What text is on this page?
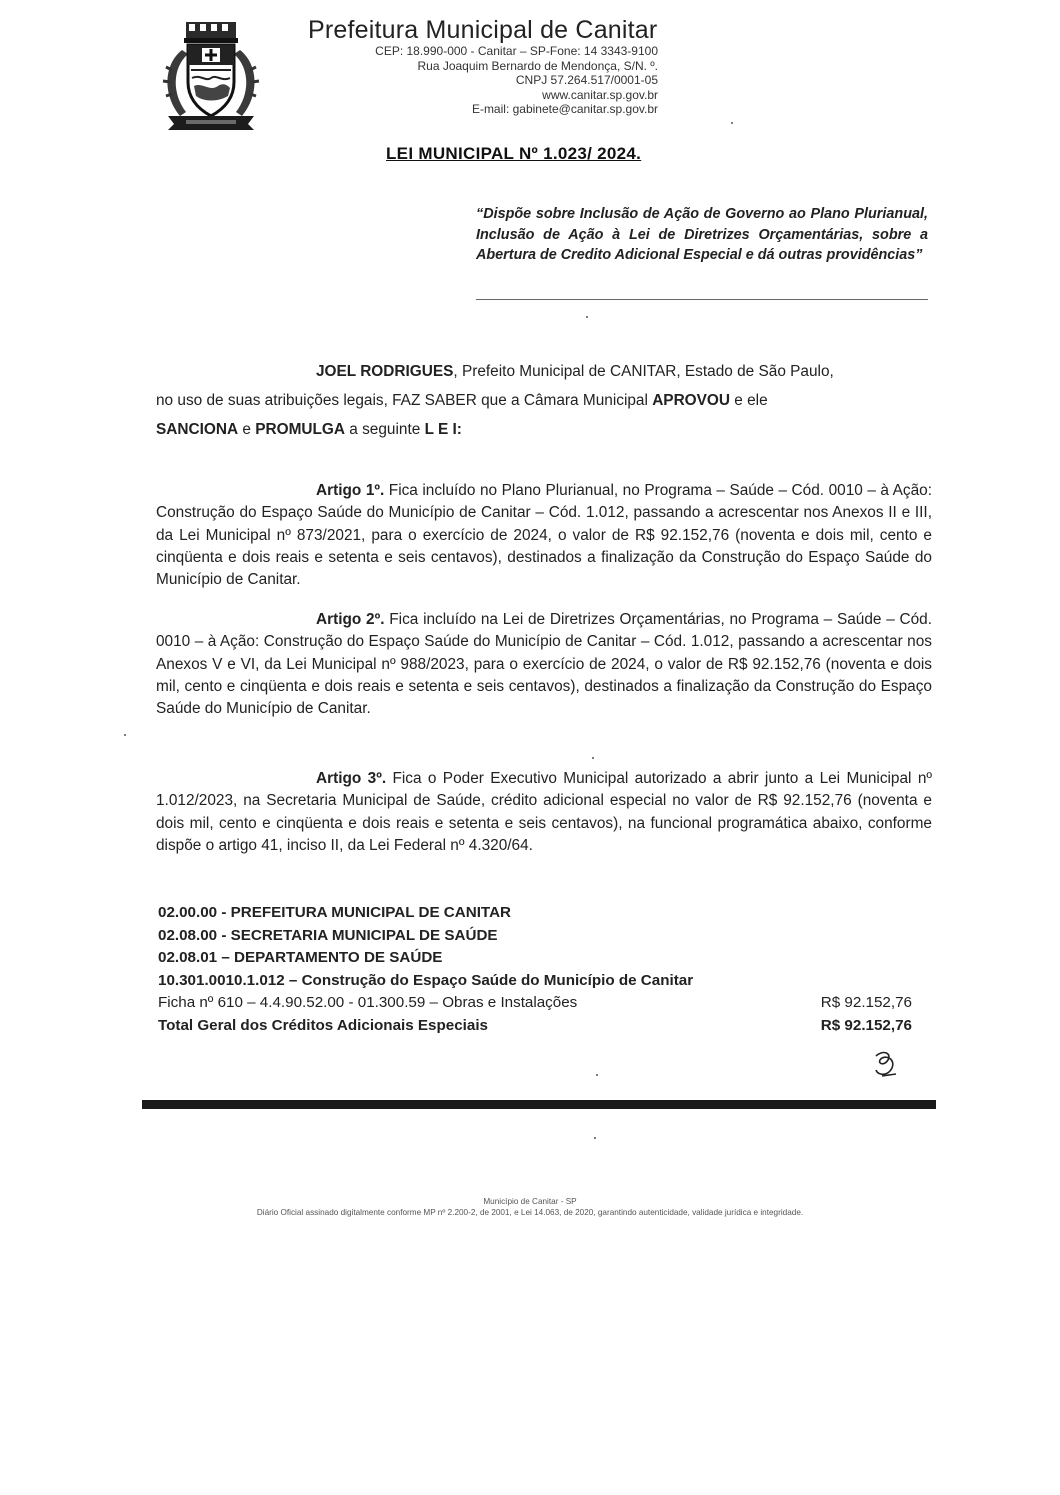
Prefeitura Municipal de Canitar
CEP: 18.990-000 - Canitar – SP-Fone: 14 3343-9100
Rua Joaquim Bernardo de Mendonça, S/N. º.
CNPJ 57.264.517/0001-05
www.canitar.sp.gov.br
E-mail: gabinete@canitar.sp.gov.br
LEI MUNICIPAL Nº 1.023/ 2024.
“Dispõe sobre Inclusão de Ação de Governo ao Plano Plurianual, Inclusão de Ação à Lei de Diretrizes Orçamentárias, sobre a Abertura de Credito Adicional Especial e dá outras providências”
JOEL RODRIGUES, Prefeito Municipal de CANITAR, Estado de São Paulo,
no uso de suas atribuições legais, FAZ SABER que a Câmara Municipal APROVOU e ele
SANCIONA e PROMULGA a seguinte L E I:
Artigo 1º. Fica incluído no Plano Plurianual, no Programa – Saúde – Cód. 0010 – à Ação: Construção do Espaço Saúde do Município de Canitar – Cód. 1.012, passando a acrescentar nos Anexos II e III, da Lei Municipal nº 873/2021, para o exercício de 2024, o valor de R$ 92.152,76 (noventa e dois mil, cento e cinqüenta e dois reais e setenta e seis centavos), destinados a finalização da Construção do Espaço Saúde do Município de Canitar.
Artigo 2º. Fica incluído na Lei de Diretrizes Orçamentárias, no Programa – Saúde – Cód. 0010 – à Ação: Construção do Espaço Saúde do Município de Canitar – Cód. 1.012, passando a acrescentar nos Anexos V e VI, da Lei Municipal nº 988/2023, para o exercício de 2024, o valor de R$ 92.152,76 (noventa e dois mil, cento e cinqüenta e dois reais e setenta e seis centavos), destinados a finalização da Construção do Espaço Saúde do Município de Canitar.
Artigo 3º. Fica o Poder Executivo Municipal autorizado a abrir junto a Lei Municipal nº 1.012/2023, na Secretaria Municipal de Saúde, crédito adicional especial no valor de R$ 92.152,76 (noventa e dois mil, cento e cinqüenta e dois reais e setenta e seis centavos), na funcional programática abaixo, conforme dispõe o artigo 41, inciso II, da Lei Federal nº 4.320/64.
02.00.00 - PREFEITURA MUNICIPAL DE CANITAR
02.08.00 - SECRETARIA MUNICIPAL DE SAÚDE
02.08.01 – DEPARTAMENTO DE SAÚDE
10.301.0010.1.012 – Construção do Espaço Saúde do Município de Canitar
Ficha nº 610 – 4.4.90.52.00 - 01.300.59 – Obras e Instalações	R$ 92.152,76
Total Geral dos Créditos Adicionais Especiais	R$ 92.152,76
Município de Canitar - SP
Diário Oficial assinado digitalmente conforme MP nº 2.200-2, de 2001, e Lei 14.063, de 2020, garantindo autenticidade, validade jurídica e integridade.
